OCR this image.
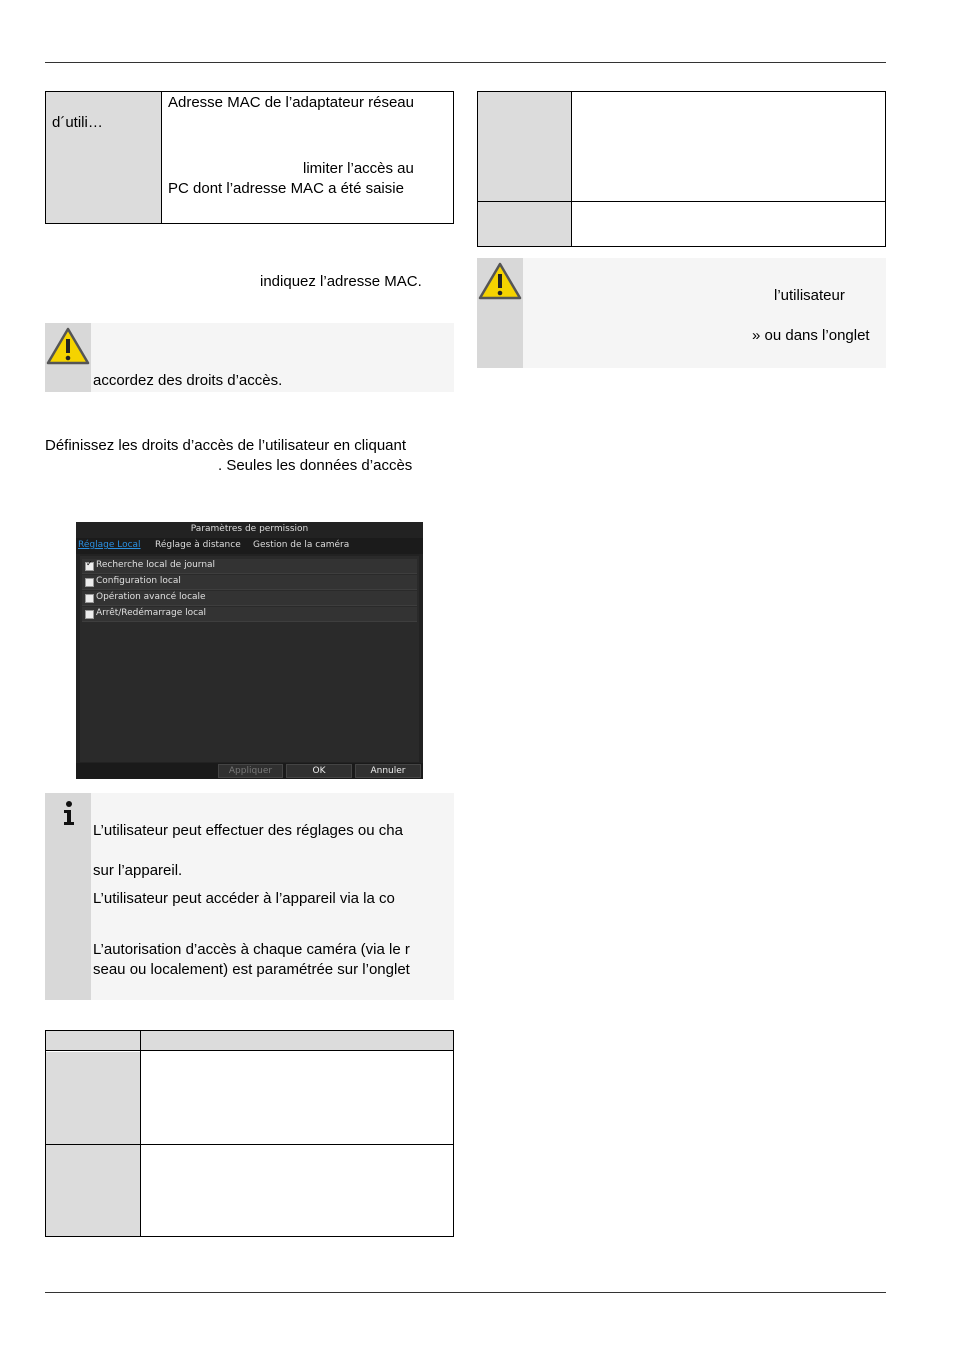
d´utili…
Adresse MAC de l’adaptateur réseau
limiter l’accès au
PC dont l’adresse MAC a été saisie
indiquez l’adresse MAC.
accordez des droits d’accès.
Définissez les droits d’accès de l’utilisateur en cliquant
. Seules les données d’accès
Paramètres de permission
Réglage Local Réglage à distance Gestion de la caméra
✓
Recherche local de journal
Configuration local
Opération avancé locale
Arrêt/Redémarrage local
Appliquer	OK	Annuler
L’utilisateur peut effectuer des réglages ou cha
sur l’appareil.
L’utilisateur peut accéder à l’appareil via la co
L’autorisation d’accès à chaque caméra (via le r
seau ou localement) est paramétrée sur l’onglet
l’utilisateur
» ou dans l’onglet
